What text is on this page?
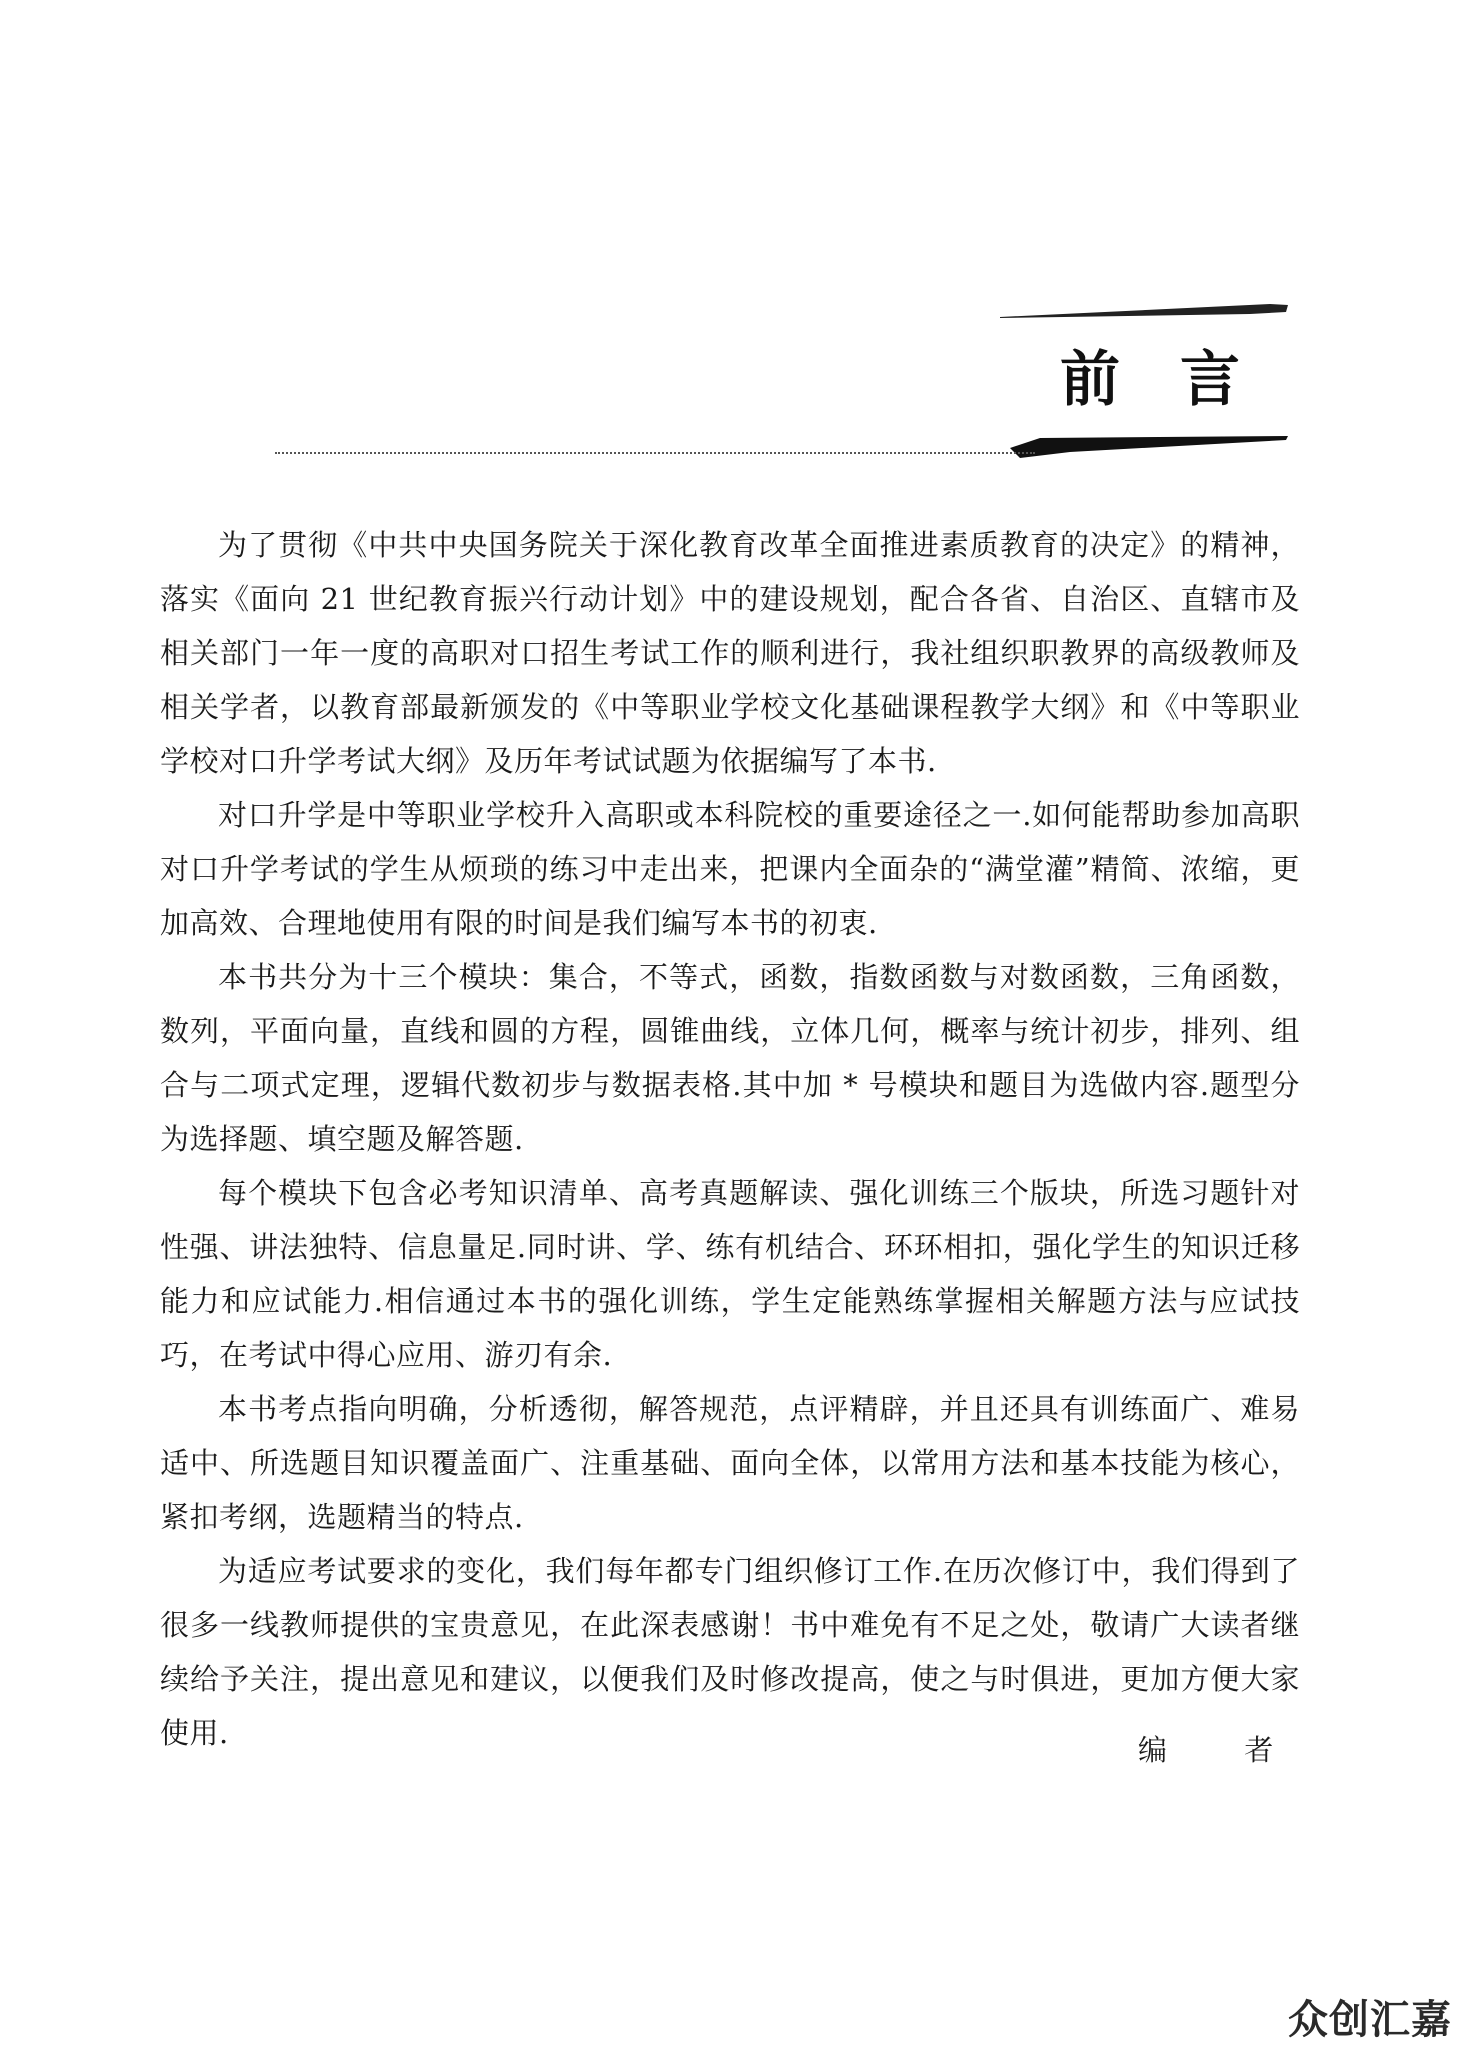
前言

为了贯彻《中共中央国务院关于深化教育改革全面推进素质教育的决定》的精神，落实《面向 21 世纪教育振兴行动计划》中的建设规划，配合各省、自治区、直辖市及相关部门一年一度的高职对口招生考试工作的顺利进行，我社组织职教界的高级教师及相关学者，以教育部最新颁发的《中等职业学校文化基础课程教学大纲》和《中等职业学校对口升学考试大纲》及历年考试试题为依据编写了本书.

对口升学是中等职业学校升入高职或本科院校的重要途径之一.如何能帮助参加高职对口升学考试的学生从烦琐的练习中走出来，把课内全面杂的“满堂灌”精简、浓缩，更加高效、合理地使用有限的时间是我们编写本书的初衷.

本书共分为十三个模块：集合，不等式，函数，指数函数与对数函数，三角函数，数列，平面向量，直线和圆的方程，圆锥曲线，立体几何，概率与统计初步，排列、组合与二项式定理，逻辑代数初步与数据表格.其中加 * 号模块和题目为选做内容.题型分为选择题、填空题及解答题.

每个模块下包含必考知识清单、高考真题解读、强化训练三个版块，所选习题针对性强、讲法独特、信息量足.同时讲、学、练有机结合、环环相扣，强化学生的知识迁移能力和应试能力.相信通过本书的强化训练，学生定能熟练掌握相关解题方法与应试技巧，在考试中得心应用、游刃有余.

本书考点指向明确，分析透彻，解答规范，点评精辟，并且还具有训练面广、难易适中、所选题目知识覆盖面广、注重基础、面向全体，以常用方法和基本技能为核心，紧扣考纲，选题精当的特点.

为适应考试要求的变化，我们每年都专门组织修订工作.在历次修订中，我们得到了很多一线教师提供的宝贵意见，在此深表感谢！书中难免有不足之处，敬请广大读者继续给予关注，提出意见和建议，以便我们及时修改提高，使之与时俱进，更加方便大家使用.	编 者
众创汇嘉
